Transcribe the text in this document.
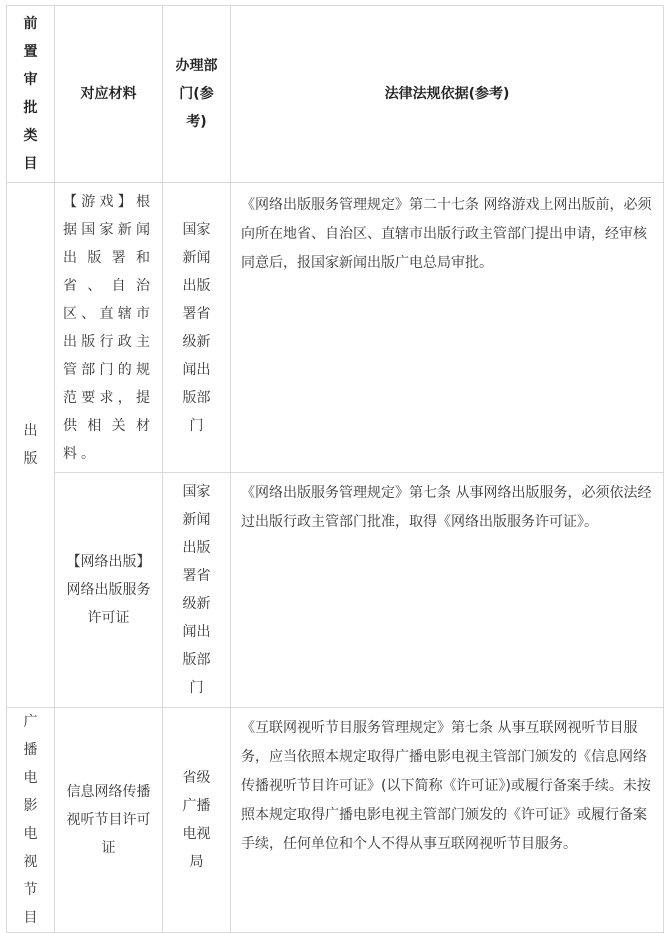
前置审批类目	对应材料	办理部门(参考)	法律法规依据(参考)
出版	【游戏】根据国家新闻出版署和省、自治区、直辖市出版行政主管部门的规范要求，提供相关材料。	国家新闻出版署省级新闻出版部门	《网络出版服务管理规定》第二十七条 网络游戏上网出版前，必须向所在地省、自治区、直辖市出版行政主管部门提出申请，经审核同意后，报国家新闻出版广电总局审批。
	【网络出版】网络出版服务许可证	国家新闻出版署省级新闻出版部门	《网络出版服务管理规定》第七条 从事网络出版服务，必须依法经过出版行政主管部门批准，取得《网络出版服务许可证》。
广播电影电视节目	信息网络传播视听节目许可证	省级广播电视局	《互联网视听节目服务管理规定》第七条 从事互联网视听节目服务，应当依照本规定取得广播电影电视主管部门颁发的《信息网络传播视听节目许可证》(以下简称《许可证》)或履行备案手续。未按照本规定取得广播电影电视主管部门颁发的《许可证》或履行备案手续，任何单位和个人不得从事互联网视听节目服务。
